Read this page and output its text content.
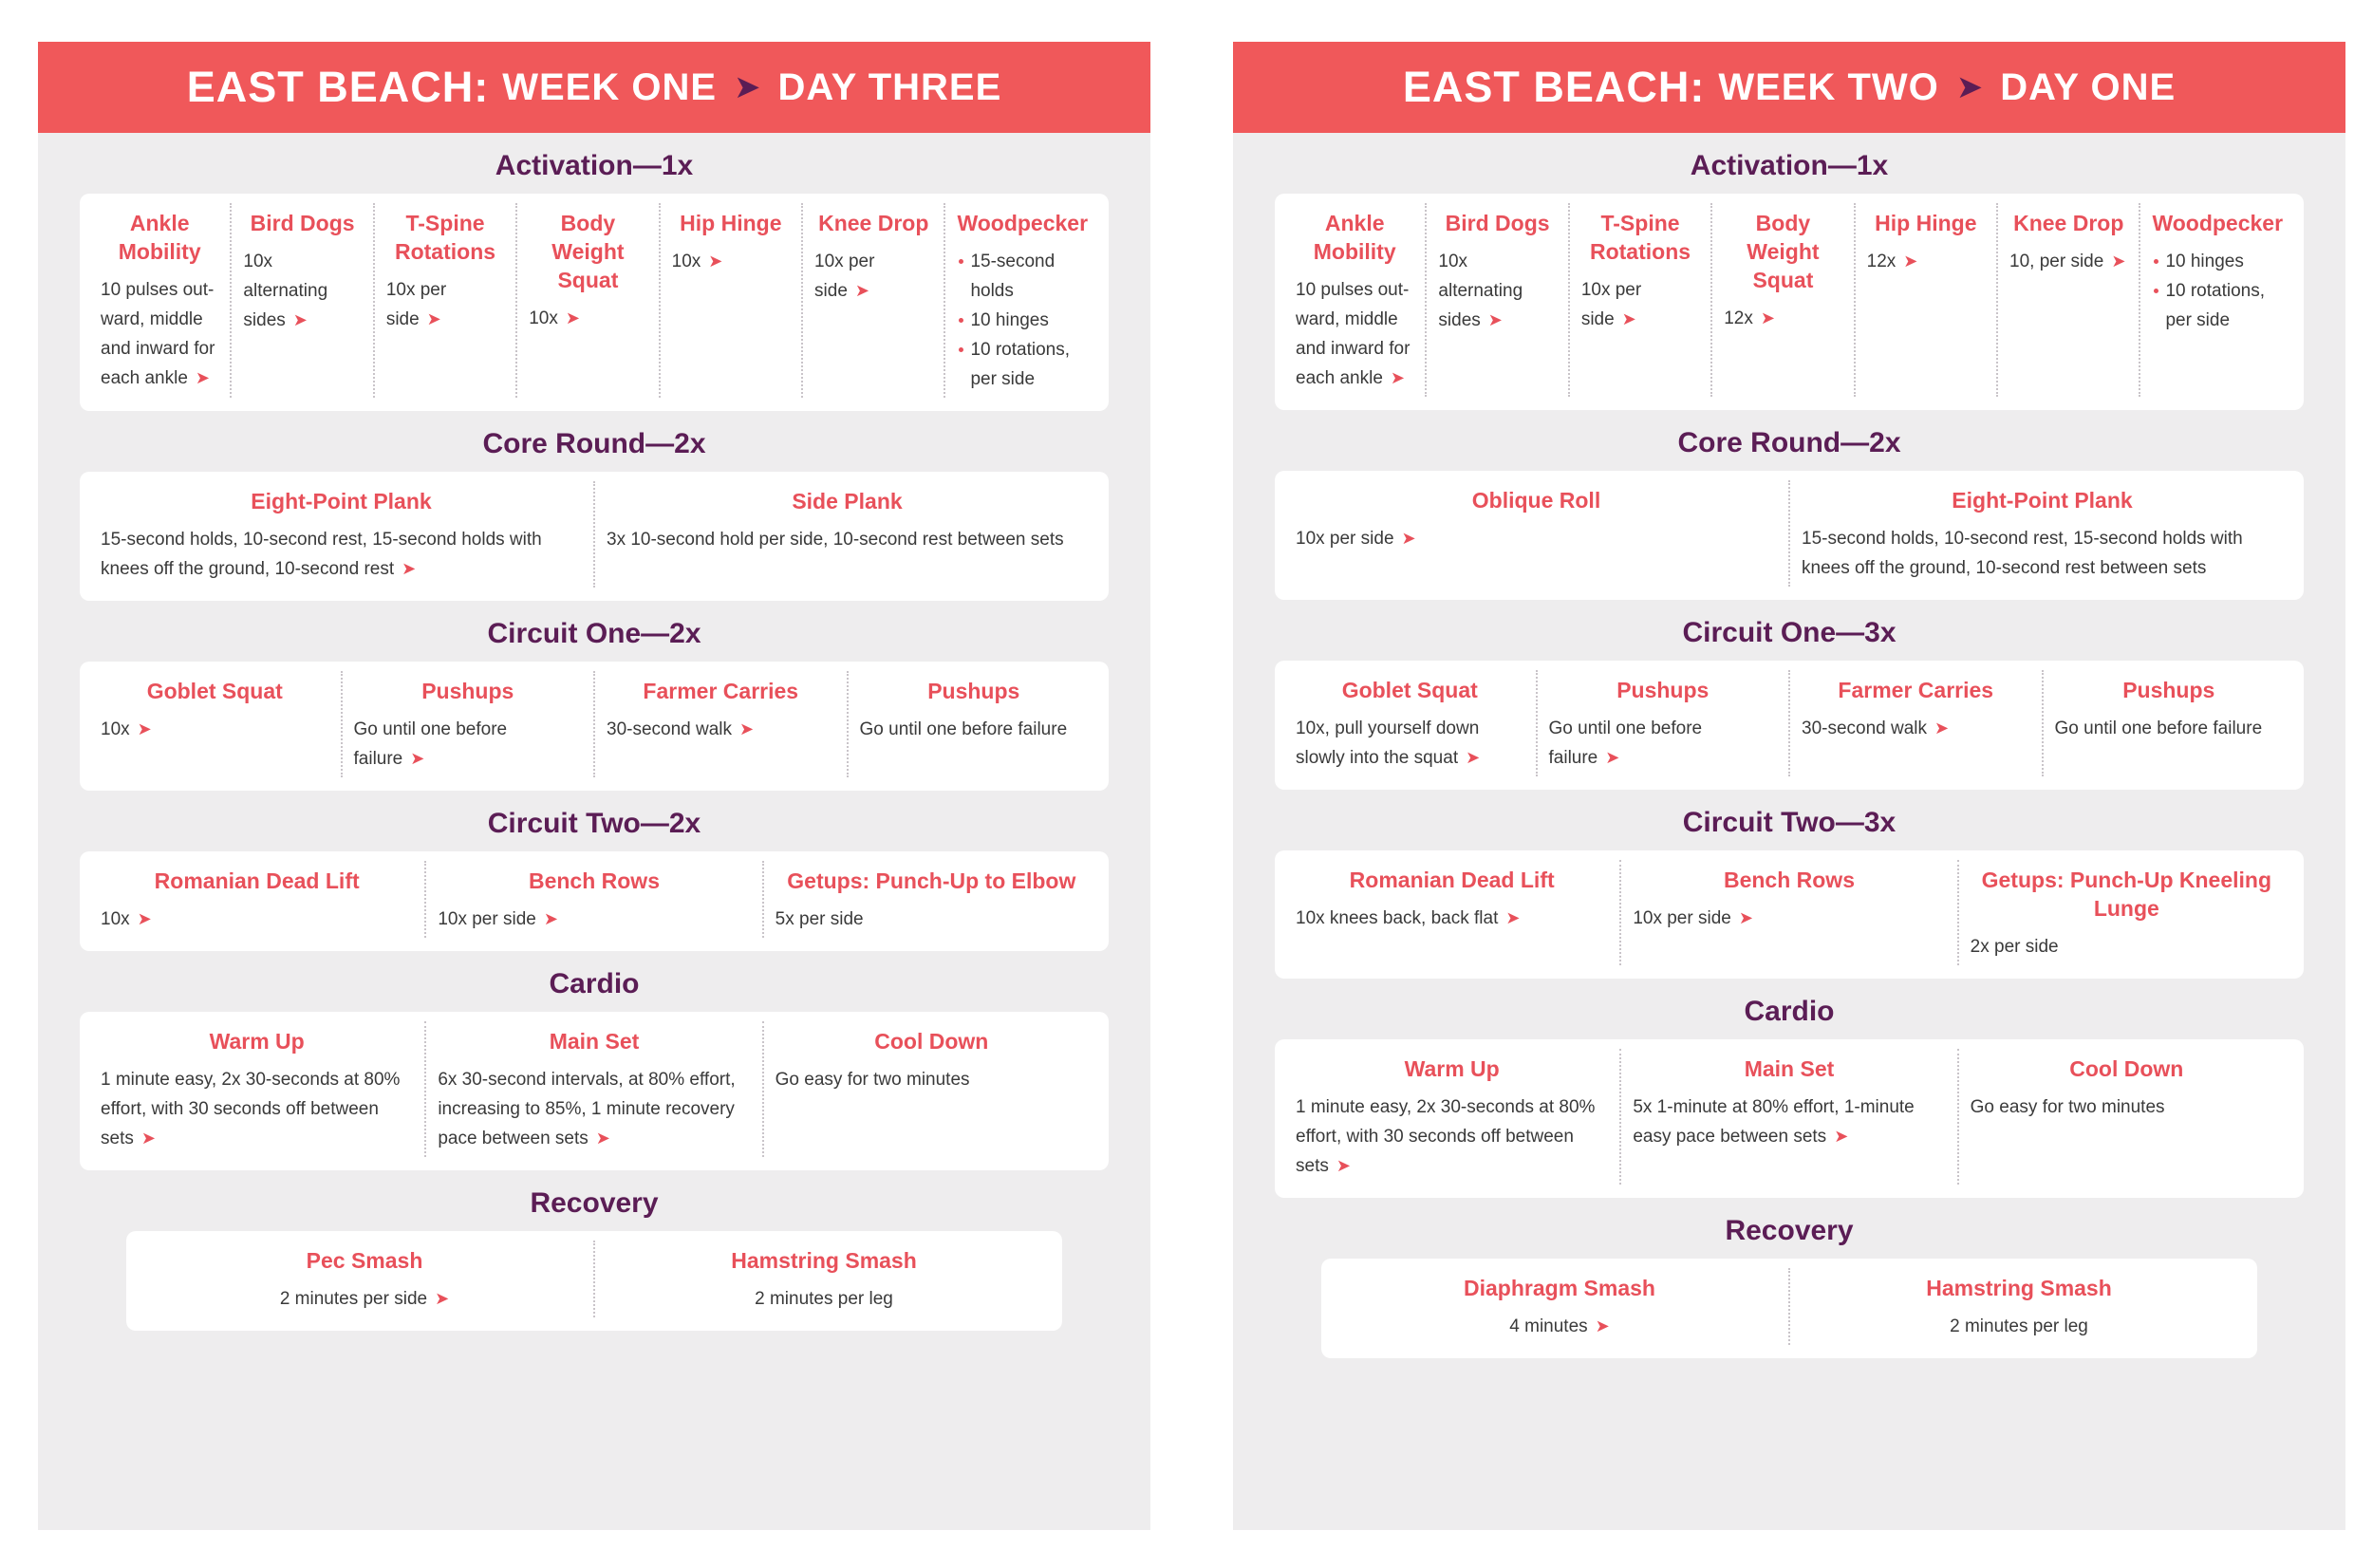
EAST BEACH: WEEK ONE ➤ DAY THREE
Activation—1x
Ankle Mobility
10 pulses out-ward, middle and inward for each ankle ➤
Bird Dogs
10x alternating sides ➤
T-Spine Rotations
10x per side ➤
Body Weight Squat
10x ➤
Hip Hinge
10x ➤
Knee Drop
10x per side ➤
Woodpecker
15-second holds
10 hinges
10 rotations, per side
Core Round—2x
Eight-Point Plank
15-second holds, 10-second rest, 15-second holds with knees off the ground, 10-second rest ➤
Side Plank
3x 10-second hold per side, 10-second rest between sets
Circuit One—2x
Goblet Squat
10x ➤
Pushups
Go until one before failure ➤
Farmer Carries
30-second walk ➤
Pushups
Go until one before failure
Circuit Two—2x
Romanian Dead Lift
10x ➤
Bench Rows
10x per side ➤
Getups: Punch-Up to Elbow
5x per side
Cardio
Warm Up
1 minute easy, 2x 30-seconds at 80% effort, with 30 seconds off between sets ➤
Main Set
6x 30-second intervals, at 80% effort, increasing to 85%, 1 minute recovery pace between sets ➤
Cool Down
Go easy for two minutes
Recovery
Pec Smash
2 minutes per side ➤
Hamstring Smash
2 minutes per leg
EAST BEACH: WEEK TWO ➤ DAY ONE
Activation—1x
Ankle Mobility
10 pulses out-ward, middle and inward for each ankle ➤
Bird Dogs
10x alternating sides ➤
T-Spine Rotations
10x per side ➤
Body Weight Squat
12x ➤
Hip Hinge
12x ➤
Knee Drop
10, per side ➤
Woodpecker
10 hinges
10 rotations, per side
Core Round—2x
Oblique Roll
10x per side ➤
Eight-Point Plank
15-second holds, 10-second rest, 15-second holds with knees off the ground, 10-second rest between sets
Circuit One—3x
Goblet Squat
10x, pull yourself down slowly into the squat ➤
Pushups
Go until one before failure ➤
Farmer Carries
30-second walk ➤
Pushups
Go until one before failure
Circuit Two—3x
Romanian Dead Lift
10x knees back, back flat ➤
Bench Rows
10x per side ➤
Getups: Punch-Up Kneeling Lunge
2x per side
Cardio
Warm Up
1 minute easy, 2x 30-seconds at 80% effort, with 30 seconds off between sets ➤
Main Set
5x 1-minute at 80% effort, 1-minute easy pace between sets ➤
Cool Down
Go easy for two minutes
Recovery
Diaphragm Smash
4 minutes ➤
Hamstring Smash
2 minutes per leg
